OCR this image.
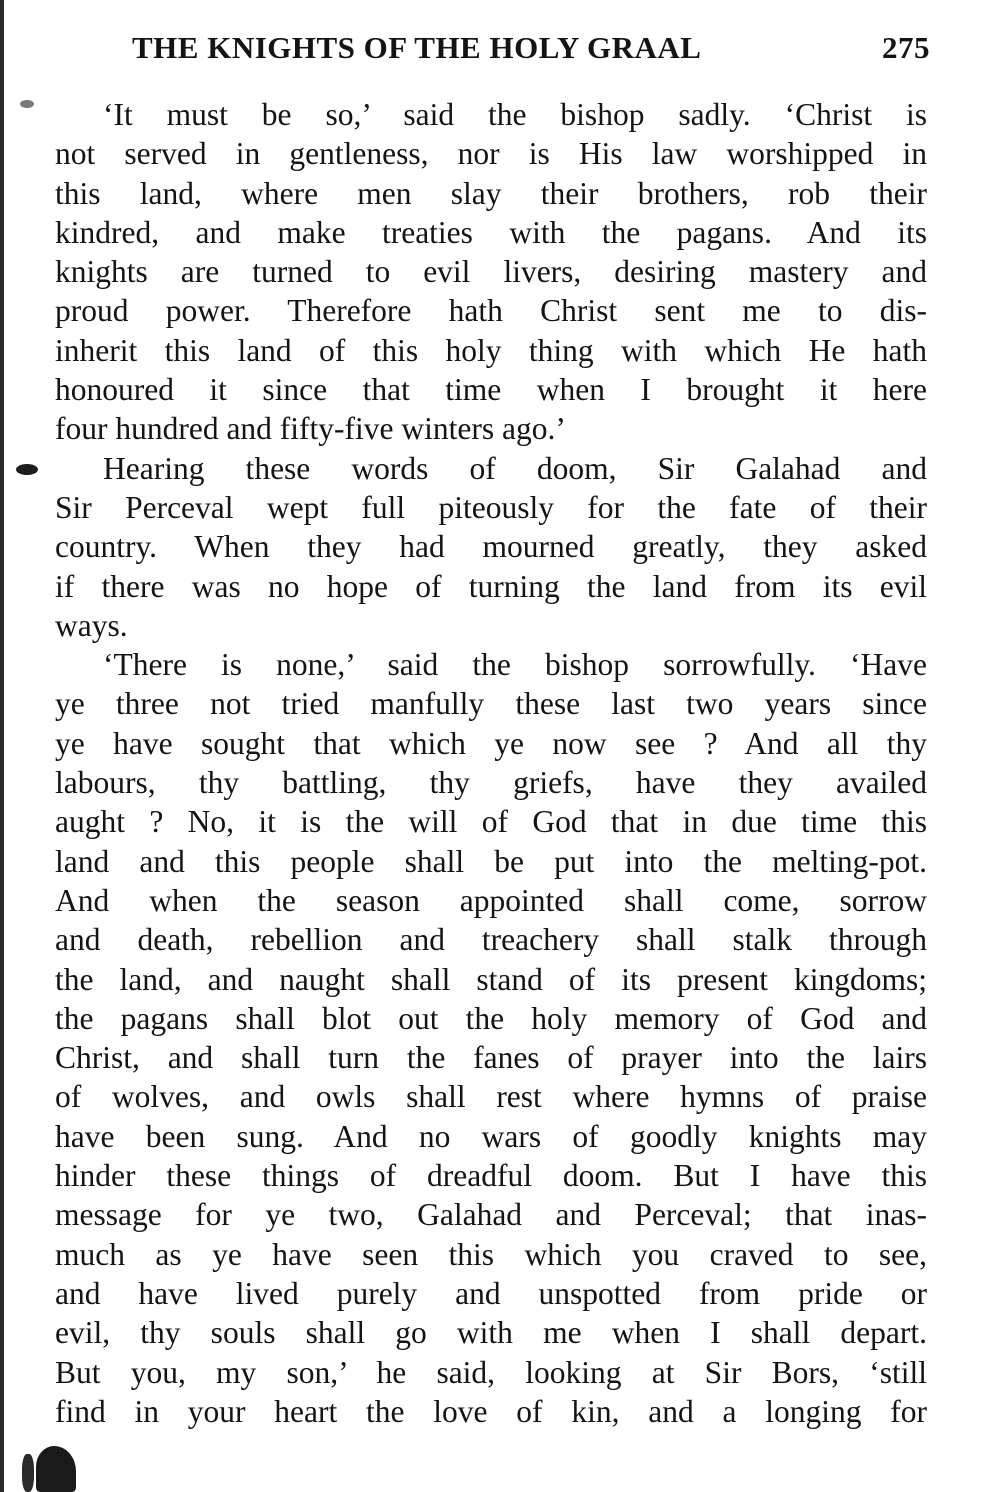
THE KNIGHTS OF THE HOLY GRAAL	275
‘It must be so,’ said the bishop sadly. ‘Christ is
not served in gentleness, nor is His law worshipped in
this land, where men slay their brothers, rob their
kindred, and make treaties with the pagans. And its
knights are turned to evil livers, desiring mastery and
proud power. Therefore hath Christ sent me to dis-
inherit this land of this holy thing with which He hath
honoured it since that time when I brought it here
four hundred and fifty-five winters ago.’
Hearing these words of doom, Sir Galahad and
Sir Perceval wept full piteously for the fate of their
country. When they had mourned greatly, they asked
if there was no hope of turning the land from its evil
ways.
‘There is none,’ said the bishop sorrowfully. ‘Have
ye three not tried manfully these last two years since
ye have sought that which ye now see ? And all thy
labours, thy battling, thy griefs, have they availed
aught ? No, it is the will of God that in due time this
land and this people shall be put into the melting-pot.
And when the season appointed shall come, sorrow
and death, rebellion and treachery shall stalk through
the land, and naught shall stand of its present kingdoms;
the pagans shall blot out the holy memory of God and
Christ, and shall turn the fanes of prayer into the lairs
of wolves, and owls shall rest where hymns of praise
have been sung. And no wars of goodly knights may
hinder these things of dreadful doom. But I have this
message for ye two, Galahad and Perceval; that inas-
much as ye have seen this which you craved to see,
and have lived purely and unspotted from pride or
evil, thy souls shall go with me when I shall depart.
But you, my son,’ he said, looking at Sir Bors, ‘still
find in your heart the love of kin, and a longing for
